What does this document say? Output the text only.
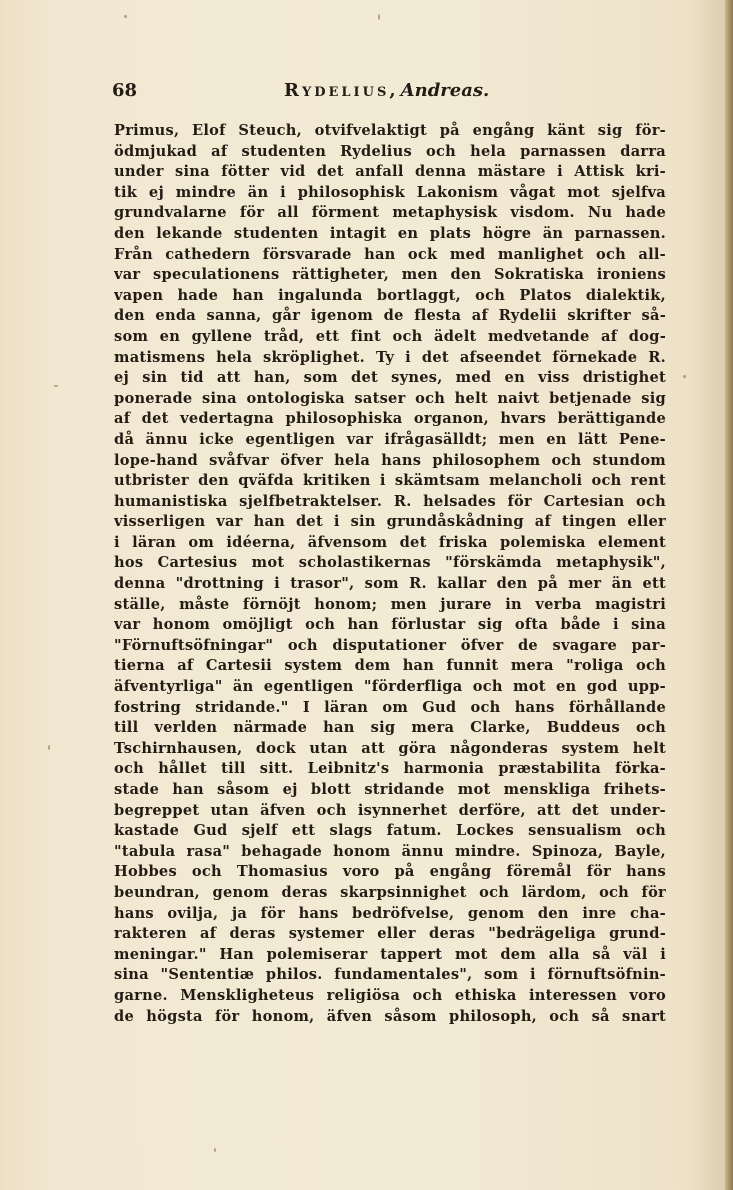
68	Rydelius, Andreas.
Primus, Elof Steuch, otvifvelaktigt på engång känt sig för-
ödmjukad af studenten Rydelius och hela parnassen darra
under sina fötter vid det anfall denna mästare i Attisk kri-
tik ej mindre än i philosophisk Lakonism vågat mot sjelfva
grundvalarne för all förment metaphysisk visdom. Nu hade
den lekande studenten intagit en plats högre än parnassen.
Från cathedern försvarade han ock med manlighet och all-
var speculationens rättigheter, men den Sokratiska ironiens
vapen hade han ingalunda bortlaggt, och Platos dialektik,
den enda sanna, går igenom de flesta af Rydelii skrifter så-
som en gyllene tråd, ett fint och ädelt medvetande af dog-
matismens hela skröplighet. Ty i det afseendet förnekade R.
ej sin tid att han, som det synes, med en viss dristighet
ponerade sina ontologiska satser och helt naivt betjenade sig
af det vedertagna philosophiska organon, hvars berättigande
då ännu icke egentligen var ifrågasälldt; men en lätt Pene-
lope-hand svåfvar öfver hela hans philosophem och stundom
utbrister den qväfda kritiken i skämtsam melancholi och rent
humanistiska sjelfbetraktelser. R. helsades för Cartesian och
visserligen var han det i sin grundåskådning af tingen eller
i läran om idéerna, äfvensom det friska polemiska element
hos Cartesius mot scholastikernas "förskämda metaphysik",
denna "drottning i trasor", som R. kallar den på mer än ett
ställe, måste förnöjt honom; men jurare in verba magistri
var honom omöjligt och han förlustar sig ofta både i sina
"Förnuftsöfningar" och disputationer öfver de svagare par-
tierna af Cartesii system dem han funnit mera "roliga och
äfventyrliga" än egentligen "förderfliga och mot en god upp-
fostring stridande." I läran om Gud och hans förhållande
till verlden närmade han sig mera Clarke, Buddeus och
Tschirnhausen, dock utan att göra någonderas system helt
och hållet till sitt. Leibnitz's harmonia præstabilita förka-
stade han såsom ej blott stridande mot menskliga frihets-
begreppet utan äfven och isynnerhet derföre, att det under-
kastade Gud sjelf ett slags fatum. Lockes sensualism och
"tabula rasa" behagade honom ännu mindre. Spinoza, Bayle,
Hobbes och Thomasius voro på engång föremål för hans
beundran, genom deras skarpsinnighet och lärdom, och för
hans ovilja, ja för hans bedröfvelse, genom den inre cha-
rakteren af deras systemer eller deras "bedrägeliga grund-
meningar." Han polemiserar tappert mot dem alla så väl i
sina "Sententiæ philos. fundamentales", som i förnuftsöfnin-
garne. Menskligheteus religiösa och ethiska interessen voro
de högsta för honom, äfven såsom philosoph, och så snart
